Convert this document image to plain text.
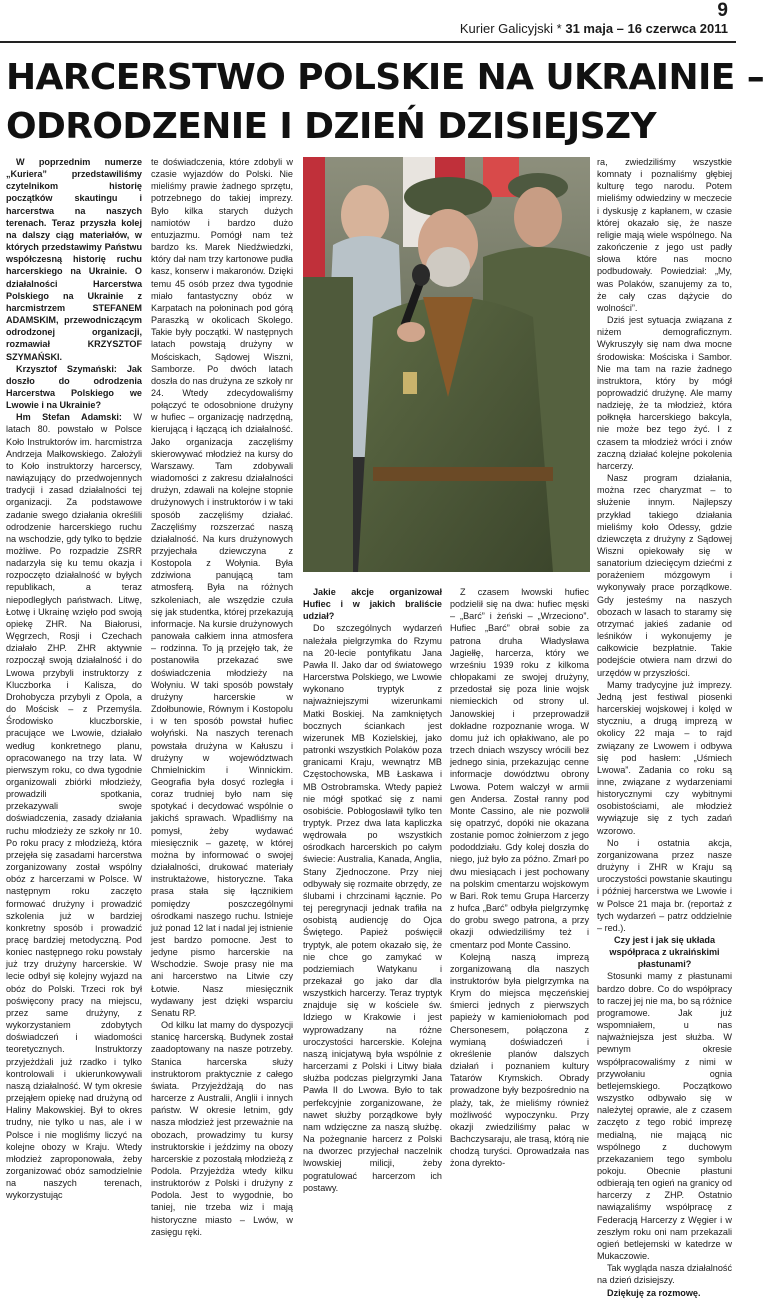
9
Kurier Galicyjski * 31 maja – 16 czerwca 2011
HARCERSTWO POLSKIE NA UKRAINIE –
ODRODZENIE I DZIEŃ DZISIEJSZY

W poprzednim numerze „Kuriera” przedstawiliśmy czytelnikom historię początków skautingu i harcerstwa na naszych terenach. Teraz przyszła kolej na dalszy ciąg materiałów, w których przedstawimy Państwu współczesną historię ruchu harcerskiego na Ukrainie. O działalności Harcerstwa Polskiego na Ukrainie z harcmistrzem STEFANEM ADAMSKIM, przewodniczącym odrodzonej organizacji, rozmawiał KRZYSZTOF SZYMAŃSKI.

Krzysztof Szymański: Jak doszło do odrodzenia Harcerstwa Polskiego we Lwowie i na Ukrainie?

Hm Stefan Adamski: W latach 80. powstało w Polsce Koło Instruktorów im. harcmistrza Andrzeja Małkowskiego. Założyli to Koło instruktorzy harcerscy, nawiązujący do przedwojennych tradycji i zasad działalności tej organizacji. Za podstawowe zadanie swego działania określili odrodzenie harcerskiego ruchu na wschodzie, gdy tylko to będzie możliwe. Po rozpadzie ZSRR nadarzyła się ku temu okazja i rozpoczęto działalność w byłych republikach, a teraz niepodległych państwach. Litwę, Łotwę i Ukrainę wzięło pod swoją opiekę ZHR. Na Białorusi, Węgrzech, Rosji i Czechach działało ZHP. ZHR aktywnie rozpoczął swoją działalność i do Lwowa przybyli instruktorzy z Kluczborka i Kalisza, do Drohobycza przybyli z Opola, a do Mościsk – z Przemyśla. Środowisko kluczborskie, pracujące we Lwowie, działało według konkretnego planu, opracowanego na trzy lata. W pierwszym roku, co dwa tygodnie organizowali zbiórki młodzieży, prowadzili spotkania, przekazywali swoje doświadczenia, zasady działania ruchu młodzieży ze szkoły nr 10. Po roku pracy z młodzieżą, która przejęła się zasadami harcerstwa zorganizowany został wspólny obóz z harcerzami w Polsce. W następnym roku zaczęto formować drużyny i prowadzić szkolenia już w bardziej konkretny sposób i prowadzić pracę bardziej metodyczną. Pod koniec następnego roku powstały już trzy drużyny harcerskie. W lecie odbył się kolejny wyjazd na obóz do Polski. Trzeci rok był poświęcony pracy na miejscu, przez same drużyny, z wykorzystaniem zdobytych doświadczeń i wiadomości teoretycznych. Instruktorzy przyjeżdżali już rzadko i tylko kontrolowali i ukierunkowywali naszą działalność. W tym okresie przejąłem opiekę nad drużyną od Haliny Makowskiej. Był to okres trudny, nie tylko u nas, ale i w Polsce i nie mogliśmy liczyć na kolejne obozy w Kraju. Wtedy młodzież zaproponowała, żeby zorganizować obóz samodzielnie na naszych terenach, wykorzystując

te doświadczenia, które zdobyli w czasie wyjazdów do Polski. Nie mieliśmy prawie żadnego sprzętu, potrzebnego do takiej imprezy. Było kilka starych dużych namiotów i bardzo dużo entuzjazmu. Pomógł nam też bardzo ks. Marek Niedźwiedzki, który dał nam trzy kartonowe pudła kasz, konserw i makaronów. Dzięki temu 45 osób przez dwa tygodnie miało fantastyczny obóz w Karpatach na połoninach pod górą Paraszką w okolicach Skolego. Takie były początki. W następnych latach powstają drużyny w Mościskach, Sądowej Wiszni, Samborze. Po dwóch latach doszła do nas drużyna ze szkoły nr 24. Wtedy zdecydowaliśmy połączyć te odosobnione drużyny w hufiec – organizację nadrzędną, kierującą i łączącą ich działalność. Jako organizacja zaczęliśmy skierowywać młodzież na kursy do Warszawy. Tam zdobywali wiadomości z zakresu działalności drużyn, zdawali na kolejne stopnie drużynowych i instruktorów i w taki sposób zaczęliśmy działać. Zaczęliśmy rozszerzać naszą działalność. Na kurs drużynowych przyjechała dziewczyna z Kostopola z Wołynia. Była zdziwiona panującą tam atmosferą. Była na różnych szkoleniach, ale wszędzie czuła się jak studentka, której przekazują informacje. Na kursie drużynowych panowała całkiem inna atmosfera – rodzinna. To ją przejęło tak, że postanowiła przekazać swe doświadczenia młodzieży na Wołyniu. W taki sposób powstały drużyny harcerskie w Zdołbunowie, Równym i Kostopolu i w ten sposób powstał hufiec wołyński. Na naszych terenach powstała drużyna w Kałuszu i drużyny w województwach Chmielnickim i Winnickim. Geografia była dosyć rozległa i coraz trudniej było nam się spotykać i decydować wspólnie o jakichś sprawach. Wpadliśmy na pomysł, żeby wydawać miesięcznik – gazetę, w której można by informować o swojej działalności, drukować materiały instruktażowe, historyczne. Taka prasa stała się łącznikiem pomiędzy poszczególnymi ośrodkami naszego ruchu. Istnieje już ponad 12 lat i nadal jej istnienie jest bardzo pomocne. Jest to jedyne pismo harcerskie na Wschodzie. Swoje prasy nie ma ani harcerstwo na Litwie czy Łotwie. Nasz miesięcznik wydawany jest dzięki wsparciu Senatu RP.

Od kilku lat mamy do dyspozycji stanicę harcerską. Budynek został zaadoptowany na nasze potrzeby. Stanica harcerska służy instruktorom praktycznie z całego świata. Przyjeżdżają do nas harcerze z Australii, Anglii i innych państw. W okresie letnim, gdy nasza młodzież jest przeważnie na obozach, prowadzimy tu kursy instruktorskie i jeździmy na obozy harcerskie z pozostałą młodzieżą z Podola. Przyjeżdża wtedy kilku instruktorów z Polski i drużyny z Podola. Jest to wygodnie, bo taniej, nie trzeba wiz i mają historyczne miasto – Lwów, w zasięgu ręki.

Jakie akcje organizował Hufiec i w jakich braliście udział?

Do szczególnych wydarzeń należała pielgrzymka do Rzymu na 20-lecie pontyfikatu Jana Pawła II. Jako dar od światowego Harcerstwa Polskiego, we Lwowie wykonano tryptyk z najważniejszymi wizerunkami Matki Boskiej. Na zamkniętych bocznych ściankach jest wizerunek MB Kozielskiej, jako patronki wszystkich Polaków poza granicami Kraju, wewnątrz MB Częstochowska, MB Łaskawa i MB Ostrobramska. Wtedy papież nie mógł spotkać się z nami osobiście. Pobłogosławił tylko ten tryptyk. Przez dwa lata kapliczka wędrowała po wszystkich ośrodkach harcerskich po całym świecie: Australia, Kanada, Anglia, Stany Zjednoczone. Przy niej odbywały się rozmaite obrzędy, ze ślubami i chrzcinami łącznie. Po tej peregrynacji jednak trafiła na osobistą audiencję do Ojca Świętego. Papież poświęcił tryptyk, ale potem okazało się, że nie chce go zamykać w podziemiach Watykanu i przekazał go jako dar dla wszystkich harcerzy. Teraz tryptyk znajduje się w kościele św. Idziego w Krakowie i jest wyprowadzany na różne uroczystości harcerskie. Kolejna naszą inicjatywą była wspólnie z harcerzami z Polski i Litwy biała służba podczas pielgrzymki Jana Pawła II do Lwowa. Było to tak perfekcyjnie zorganizowane, że nawet służby porządkowe były nam wdzięczne za naszą służbę. Na pożegnanie harcerz z Polski na dworzec przyjechał naczelnik lwowskiej milicji, żeby pogratulować harcerzom ich postawy.

Z czasem lwowski hufiec podzielił się na dwa: hufiec męski – „Barć” i żeński – „Wrzeciono”. Hufiec „Barć” obrał sobie za patrona druha Władysława Jagiełłę, harcerza, który we wrześniu 1939 roku z kilkoma chłopakami ze swojej drużyny, przedostał się poza linie wojsk niemieckich od strony ul. Janowskiej i przeprowadził dokładne rozpoznanie wroga. W domu już ich opłakiwano, ale po trzech dniach wszyscy wrócili bez jednego sinia, przekazując cenne informacje dowództwu obrony Lwowa. Potem walczył w armii gen Andersa. Został ranny pod Monte Cassino, ale nie pozwolił się opatrzyć, dopóki nie okazana zostanie pomoc żołnierzom z jego pododdziału. Gdy kolej doszła do niego, już było za późno. Zmarł po dwu miesiącach i jest pochowany na polskim cmentarzu wojskowym w Bari. Rok temu Grupa Harcerzy z hufca „Barć” odbyła pielgrzymkę do grobu swego patrona, a przy okazji odwiedziliśmy też i cmentarz pod Monte Cassino.

Kolejną naszą imprezą zorganizowaną dla naszych instruktorów była pielgrzymka na Krym do miejsca męczeńskiej śmierci jednych z pierwszych papieży w kamieniołomach pod Chersonesem, połączona z wymianą doświadczeń i określenie planów dalszych działań i poznaniem kultury Tatarów Krymskich. Obrady prowadzone były bezpośrednio na plaży, tak, że mieliśmy również możliwość wypoczynku. Przy okazji zwiedziliśmy pałac w Bachczysaraju, ale trasą, którą nie chodzą turyści. Oprowadzała nas żona dyrekto-

ra, zwiedziliśmy wszystkie komnaty i poznaliśmy głębiej kulturę tego narodu. Potem mieliśmy odwiedziny w meczecie i dyskusję z kapłanem, w czasie której okazało się, że nasze religie mają wiele wspólnego. Na zakończenie z jego ust padły słowa które nas mocno podbudowały. Powiedział: „My, was Polaków, szanujemy za to, że cały czas dążycie do wolności”.

Dziś jest sytuacja związana z niżem demograficznym. Wykruszyły się nam dwa mocne środowiska: Mościska i Sambor. Nie ma tam na razie żadnego instruktora, który by mógł poprowadzić drużynę. Ale mamy nadzieję, że ta młodzież, która połknęła harcerskiego bakcyla, nie może bez tego żyć. I z czasem ta młodzież wróci i znów zaczną działać kolejne pokolenia harcerzy.

Nasz program działania, można rzec charyzmat – to służenie innym. Najlepszy przykład takiego działania mieliśmy koło Odessy, gdzie dziewczęta z drużyny z Sądowej Wiszni opiekowały się w sanatorium dziecięcym dziećmi z porażeniem mózgowym i wykonywały prace porządkowe. Gdy jesteśmy na naszych obozach w lasach to staramy się otrzymać jakieś zadanie od leśników i wykonujemy je całkowicie bezpłatnie. Takie podejście otwiera nam drzwi do urzędów w przyszłości.

Mamy tradycyjne już imprezy. Jedną jest festiwal piosenki harcerskiej wojskowej i kolęd w styczniu, a drugą imprezą w okolicy 22 maja – to rajd związany ze Lwowem i odbywa się pod hasłem: „Uśmiech Lwowa”. Zadania co roku są inne, związane z wydarzeniami historycznymi czy wybitnymi osobistościami, ale młodzież wywiązuje się z tych zadań wzorowo.

No i ostatnia akcja, zorganizowana przez nasze drużyny i ZHR w Kraju są uroczystości powstanie skautingu i później harcerstwa we Lwowie i w Polsce 21 maja br. (reportaż z tych wydarzeń – patrz oddzielnie – red.).

Czy jest i jak się układa współpraca z ukraińskimi płastunami?

Stosunki mamy z płastunami bardzo dobre. Co do współpracy to raczej jej nie ma, bo są różnice programowe. Jak już wspomniałem, u nas najważniejsza jest służba. W pewnym okresie współpracowaliśmy z nimi w przywołaniu ognia betlejemskiego. Początkowo wszystko odbywało się w należytej oprawie, ale z czasem zaczęto z tego robić imprezę medialną, nie mającą nic wspólnego z duchowym przekazaniem tego symbolu pokoju. Obecnie płastuni odbierają ten ogień na granicy od harcerzy z ZHP. Ostatnio nawiązaliśmy współpracę z Federacją Harcerzy z Węgier i w zeszłym roku oni nam przekazali ogień betlejemski w katedrze w Mukaczowie.

Tak wygląda nasza działalność na dzień dzisiejszy.

Dziękuję za rozmowę.
